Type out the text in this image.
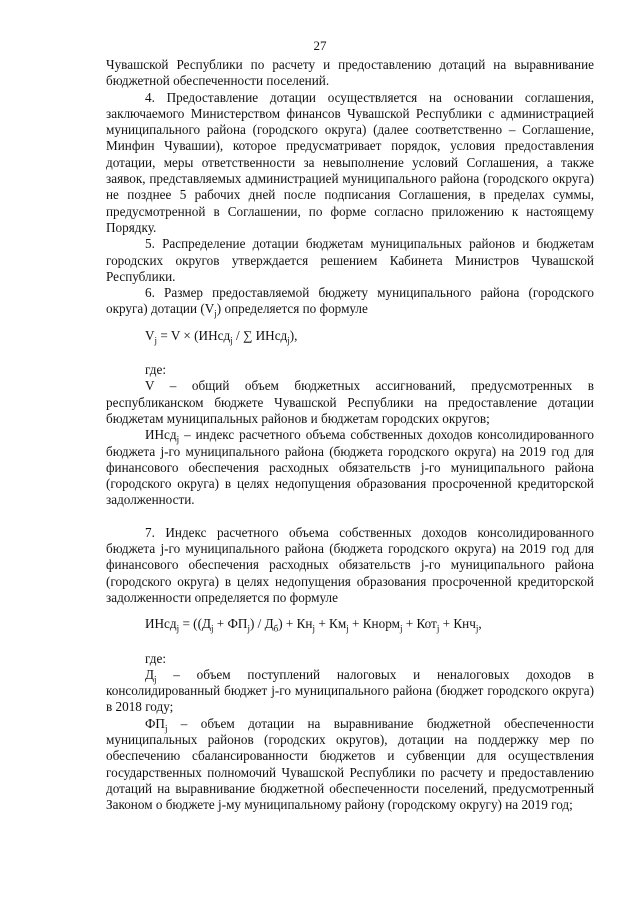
27

Чувашской Республики по расчету и предоставлению дотаций на выравнивание бюджетной обеспеченности поселений.

4. Предоставление дотации осуществляется на основании соглашения, заключаемого Министерством финансов Чувашской Республики с администрацией муниципального района (городского округа) (далее соответственно – Соглашение, Минфин Чувашии), которое предусматривает порядок, условия предоставления дотации, меры ответственности за невыполнение условий Соглашения, а также заявок, представляемых администрацией муниципального района (городского округа) не позднее 5 рабочих дней после подписания Соглашения, в пределах суммы, предусмотренной в Соглашении, по форме согласно приложению к настоящему Порядку.

5. Распределение дотации бюджетам муниципальных районов и бюджетам городских округов утверждается решением Кабинета Министров Чувашской Республики.

6. Размер предоставляемой бюджету муниципального района (городского округа) дотации $(V_j)$ определяется по формуле

$V_j = V$ × (ИНсд$_j$ / ∑ ИНсд$_j$),

где:

V – общий объем бюджетных ассигнований, предусмотренных в республиканском бюджете Чувашской Республики на предоставление дотации бюджетам муниципальных районов и бюджетам городских округов;

ИНсд$_j$ – индекс расчетного объема собственных доходов консолидированного бюджета j-го муниципального района (бюджета городского округа) на 2019 год для финансового обеспечения расходных обязательств j-го муниципального района (городского округа) в целях недопущения образования просроченной кредиторской задолженности.

7. Индекс расчетного объема собственных доходов консолидированного бюджета j-го муниципального района (бюджета городского округа) на 2019 год для финансового обеспечения расходных обязательств j-го муниципального района (городского округа) в целях недопущения образования просроченной кредиторской задолженности определяется по формуле

ИНсд$_j$ = $((Д_j + ФП_j) / Д_б) + Кн_j + Км_j$ + Кнорм$_j$ + Кот$_j$ + Кнч$_j$,

где:

$Д_j$ – объем поступлений налоговых и неналоговых доходов в консолидированный бюджет j-го муниципального района (бюджет городского округа) в 2018 году;

$ФП_j$ – объем дотации на выравнивание бюджетной обеспеченности муниципальных районов (городских округов), дотации на поддержку мер по обеспечению сбалансированности бюджетов и субвенции для осуществления государственных полномочий Чувашской Республики по расчету и предоставлению дотаций на выравнивание бюджетной обеспеченности поселений, предусмотренный Законом о бюджете j-му муниципальному району (городскому округу) на 2019 год;
